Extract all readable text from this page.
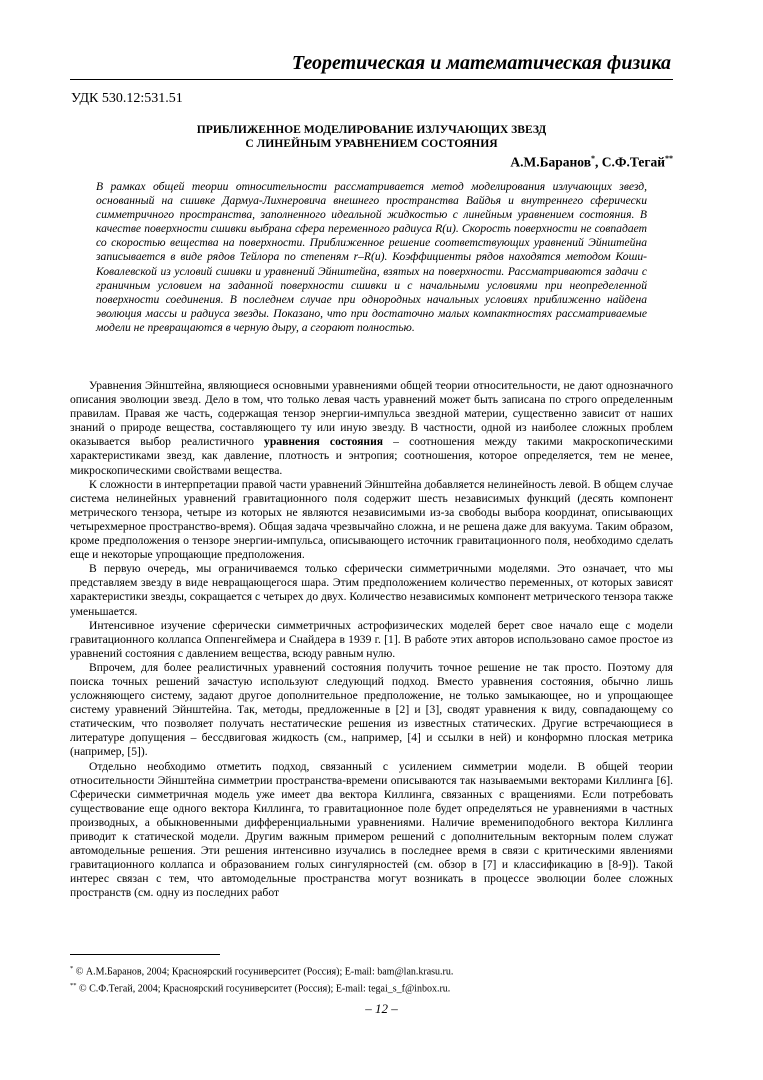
Теоретическая и математическая физика
УДК 530.12:531.51
ПРИБЛИЖЕННОЕ МОДЕЛИРОВАНИЕ ИЗЛУЧАЮЩИХ ЗВЕЗД
С ЛИНЕЙНЫМ УРАВНЕНИЕМ СОСТОЯНИЯ
А.М.Баранов*, С.Ф.Тегай**
В рамках общей теории относительности рассматривается метод моделирования излучающих звезд, основанный на сшивке Дармуа-Лихнеровича внешнего пространства Вайдья и внутреннего сферически симметричного пространства, заполненного идеальной жидкостью с линейным уравнением состояния. В качестве поверхности сшивки выбрана сфера переменного радиуса R(u). Скорость поверхности не совпадает со скоростью вещества на поверхности. Приближенное решение соответствующих уравнений Эйнштейна записывается в виде рядов Тейлора по степеням r–R(u). Коэффициенты рядов находятся методом Коши-Ковалевской из условий сшивки и уравнений Эйнштейна, взятых на поверхности. Рассматриваются задачи с граничным условием на заданной поверхности сшивки и с начальными условиями при неопределенной поверхности соединения. В последнем случае при однородных начальных условиях приближенно найдена эволюция массы и радиуса звезды. Показано, что при достаточно малых компактностях рассматриваемые модели не превращаются в черную дыру, а сгорают полностью.

Уравнения Эйнштейна, являющиеся основными уравнениями общей теории относительности, не дают однозначного описания эволюции звезд. Дело в том, что только левая часть уравнений может быть записана по строго определенным правилам. Правая же часть, содержащая тензор энергии-импульса звездной материи, существенно зависит от наших знаний о природе вещества, составляющего ту или иную звезду. В частности, одной из наиболее сложных проблем оказывается выбор реалистичного уравнения состояния – соотношения между такими макроскопическими характеристиками звезд, как давление, плотность и энтропия; соотношения, которое определяется, тем не менее, микроскопическими свойствами вещества.

К сложности в интерпретации правой части уравнений Эйнштейна добавляется нелинейность левой. В общем случае система нелинейных уравнений гравитационного поля содержит шесть независимых функций (десять компонент метрического тензора, четыре из которых не являются независимыми из-за свободы выбора координат, описывающих четырехмерное пространство-время). Общая задача чрезвычайно сложна, и не решена даже для вакуума. Таким образом, кроме предположения о тензоре энергии-импульса, описывающего источник гравитационного поля, необходимо сделать еще и некоторые упрощающие предположения.

В первую очередь, мы ограничиваемся только сферически симметричными моделями. Это означает, что мы представляем звезду в виде невращающегося шара. Этим предположением количество переменных, от которых зависят характеристики звезды, сокращается с четырех до двух. Количество независимых компонент метрического тензора также уменьшается.

Интенсивное изучение сферически симметричных астрофизических моделей берет свое начало еще с модели гравитационного коллапса Оппенгеймера и Снайдера в 1939 г. [1]. В работе этих авторов использовано самое простое из уравнений состояния с давлением вещества, всюду равным нулю.

Впрочем, для более реалистичных уравнений состояния получить точное решение не так просто. Поэтому для поиска точных решений зачастую используют следующий подход. Вместо уравнения состояния, обычно лишь усложняющего систему, задают другое дополнительное предположение, не только замыкающее, но и упрощающее систему уравнений Эйнштейна. Так, методы, предложенные в [2] и [3], сводят уравнения к виду, совпадающему со статическим, что позволяет получать нестатические решения из известных статических. Другие встречающиеся в литературе допущения – бессдвиговая жидкость (см., например, [4] и ссылки в ней) и конформно плоская метрика (например, [5]).

Отдельно необходимо отметить подход, связанный с усилением симметрии модели. В общей теории относительности Эйнштейна симметрии пространства-времени описываются так называемыми векторами Киллинга [6]. Сферически симметричная модель уже имеет два вектора Киллинга, связанных с вращениями. Если потребовать существование еще одного вектора Киллинга, то гравитационное поле будет определяться не уравнениями в частных производных, а обыкновенными дифференциальными уравнениями. Наличие времениподобного вектора Киллинга приводит к статической модели. Другим важным примером решений с дополнительным векторным полем служат автомодельные решения. Эти решения интенсивно изучались в последнее время в связи с критическими явлениями гравитационного коллапса и образованием голых сингулярностей (см. обзор в [7] и классификацию в [8-9]). Такой интерес связан с тем, что автомодельные пространства могут возникать в процессе эволюции более сложных пространств (см. одну из последних работ

* © А.М.Баранов, 2004; Красноярский госуниверситет (Россия); E-mail: bam@lan.krasu.ru.
** © С.Ф.Тегай, 2004; Красноярский госуниверситет (Россия); E-mail: tegai_s_f@inbox.ru.
– 12 –
